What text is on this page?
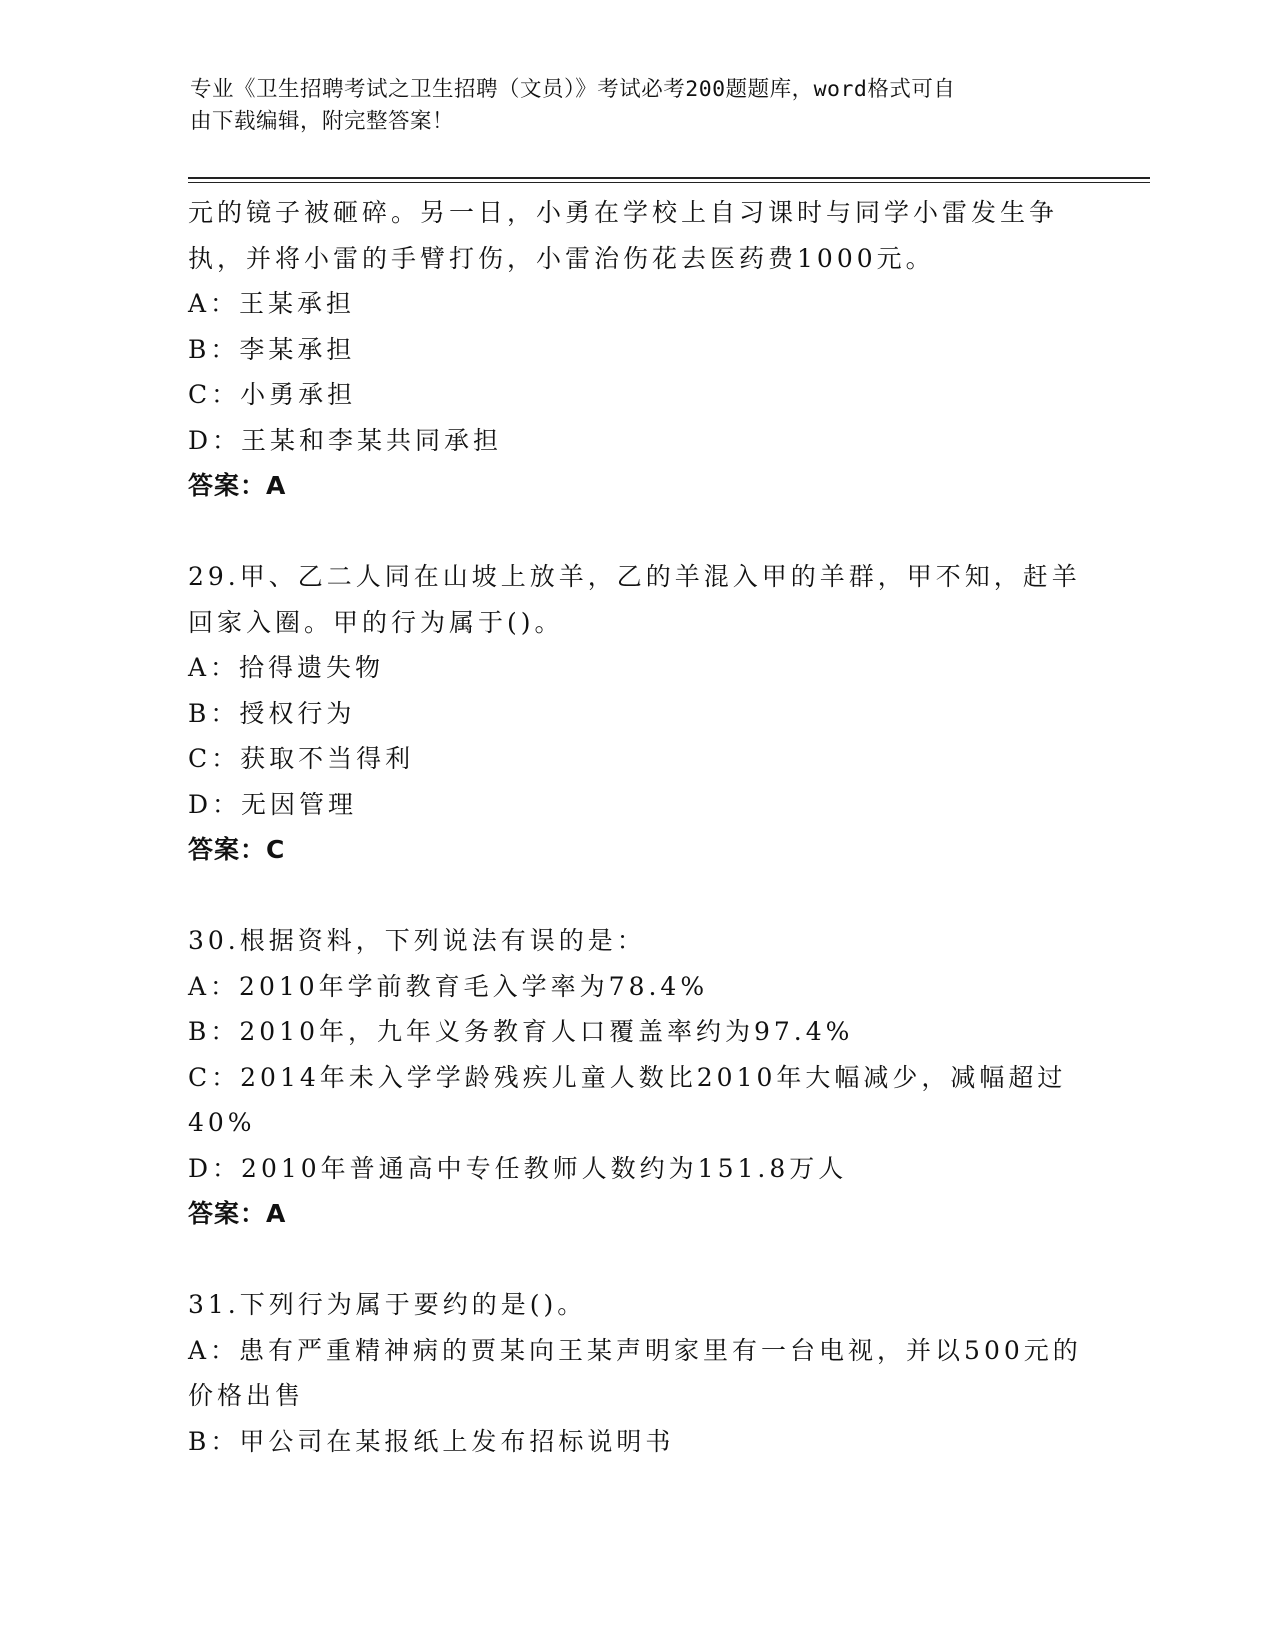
专业《卫生招聘考试之卫生招聘（文员）》考试必考200题题库，word格式可自
由下载编辑，附完整答案！
元的镜子被砸碎。另一日，小勇在学校上自习课时与同学小雷发生争
执，并将小雷的手臂打伤，小雷治伤花去医药费1000元。
A：王某承担
B：李某承担
C：小勇承担
D：王某和李某共同承担
答案：A
29.甲、乙二人同在山坡上放羊，乙的羊混入甲的羊群，甲不知，赶羊
回家入圈。甲的行为属于()。
A：拾得遗失物
B：授权行为
C：获取不当得利
D：无因管理
答案：C
30.根据资料，下列说法有误的是：
A：2010年学前教育毛入学率为78.4%
B：2010年，九年义务教育人口覆盖率约为97.4%
C：2014年未入学学龄残疾儿童人数比2010年大幅减少，减幅超过
40%
D：2010年普通高中专任教师人数约为151.8万人
答案：A
31.下列行为属于要约的是()。
A：患有严重精神病的贾某向王某声明家里有一台电视，并以500元的
价格出售
B：甲公司在某报纸上发布招标说明书
